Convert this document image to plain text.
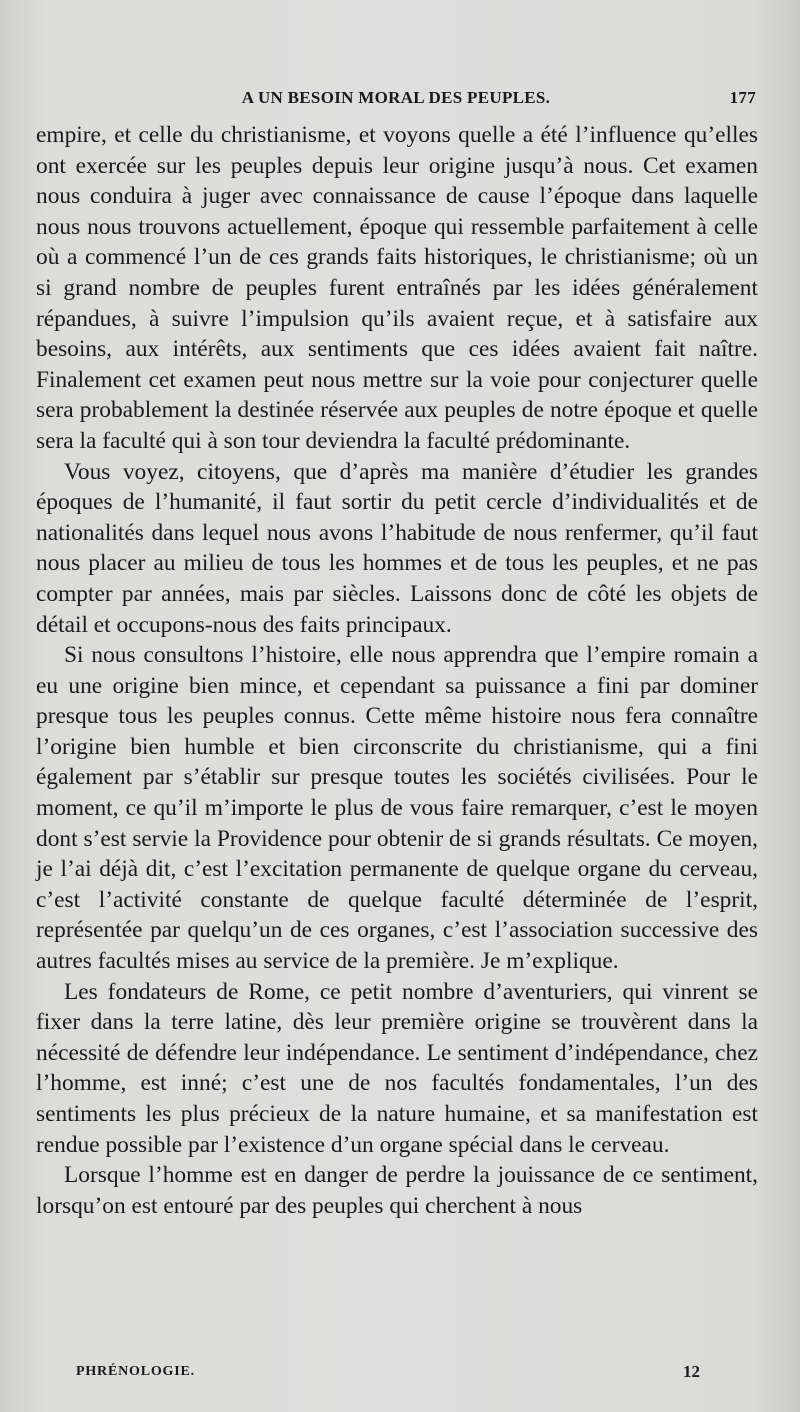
A UN BESOIN MORAL DES PEUPLES.	177

empire, et celle du christianisme, et voyons quelle a été l’influence qu’elles ont exercée sur les peuples depuis leur origine jusqu’à nous. Cet examen nous conduira à juger avec connaissance de cause l’époque dans laquelle nous nous trouvons actuellement, époque qui ressemble parfaitement à celle où a commencé l’un de ces grands faits historiques, le christianisme; où un si grand nombre de peuples furent entraînés par les idées généralement répandues, à suivre l’impulsion qu’ils avaient reçue, et à satisfaire aux besoins, aux intérêts, aux sentiments que ces idées avaient fait naître. Finalement cet examen peut nous mettre sur la voie pour conjecturer quelle sera probablement la destinée réservée aux peuples de notre époque et quelle sera la faculté qui à son tour deviendra la faculté prédominante.

Vous voyez, citoyens, que d’après ma manière d’étudier les grandes époques de l’humanité, il faut sortir du petit cercle d’individualités et de nationalités dans lequel nous avons l’habitude de nous renfermer, qu’il faut nous placer au milieu de tous les hommes et de tous les peuples, et ne pas compter par années, mais par siècles. Laissons donc de côté les objets de détail et occupons-nous des faits principaux.

Si nous consultons l’histoire, elle nous apprendra que l’empire romain a eu une origine bien mince, et cependant sa puissance a fini par dominer presque tous les peuples connus. Cette même histoire nous fera connaître l’origine bien humble et bien circonscrite du christianisme, qui a fini également par s’établir sur presque toutes les sociétés civilisées. Pour le moment, ce qu’il m’importe le plus de vous faire remarquer, c’est le moyen dont s’est servie la Providence pour obtenir de si grands résultats. Ce moyen, je l’ai déjà dit, c’est l’excitation permanente de quelque organe du cerveau, c’est l’activité constante de quelque faculté déterminée de l’esprit, représentée par quelqu’un de ces organes, c’est l’association successive des autres facultés mises au service de la première. Je m’explique.

Les fondateurs de Rome, ce petit nombre d’aventuriers, qui vinrent se fixer dans la terre latine, dès leur première origine se trouvèrent dans la nécessité de défendre leur indépendance. Le sentiment d’indépendance, chez l’homme, est inné; c’est une de nos facultés fondamentales, l’un des sentiments les plus précieux de la nature humaine, et sa manifestation est rendue possible par l’existence d’un organe spécial dans le cerveau.

Lorsque l’homme est en danger de perdre la jouissance de ce sentiment, lorsqu’on est entouré par des peuples qui cherchent à nous

PHRÉNOLOGIE.	12
